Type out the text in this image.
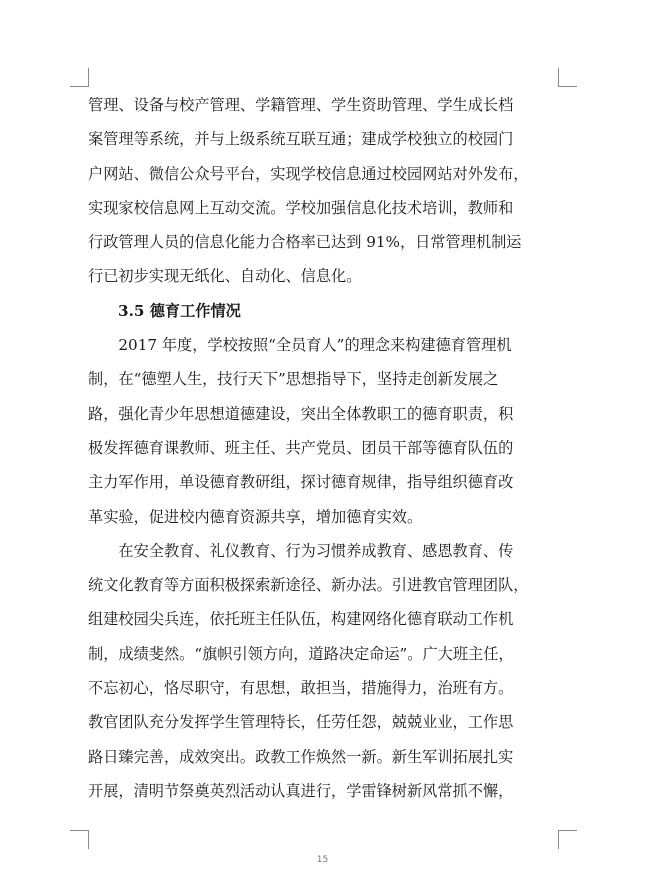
管理、设备与校产管理、学籍管理、学生资助管理、学生成长档
案管理等系统，并与上级系统互联互通；建成学校独立的校园门
户网站、微信公众号平台，实现学校信息通过校园网站对外发布，
实现家校信息网上互动交流。学校加强信息化技术培训，教师和
行政管理人员的信息化能力合格率已达到 91%，日常管理机制运
行已初步实现无纸化、自动化、信息化。
3.5 德育工作情况
　　2017 年度，学校按照“全员育人”的理念来构建德育管理机
制，在“德塑人生，技行天下”思想指导下，坚持走创新发展之
路，强化青少年思想道德建设，突出全体教职工的德育职责，积
极发挥德育课教师、班主任、共产党员、团员干部等德育队伍的
主力军作用，单设德育教研组，探讨德育规律，指导组织德育改
革实验，促进校内德育资源共享，增加德育实效。
　　在安全教育、礼仪教育、行为习惯养成教育、感恩教育、传
统文化教育等方面积极探索新途径、新办法。引进教官管理团队，
组建校园尖兵连，依托班主任队伍，构建网络化德育联动工作机
制，成绩斐然。“旗帜引领方向，道路决定命运”。广大班主任，
不忘初心，恪尽职守，有思想，敢担当，措施得力，治班有方。
教官团队充分发挥学生管理特长，任劳任怨，兢兢业业，工作思
路日臻完善，成效突出。政教工作焕然一新。新生军训拓展扎实
开展，清明节祭奠英烈活动认真进行，学雷锋树新风常抓不懈，
15
